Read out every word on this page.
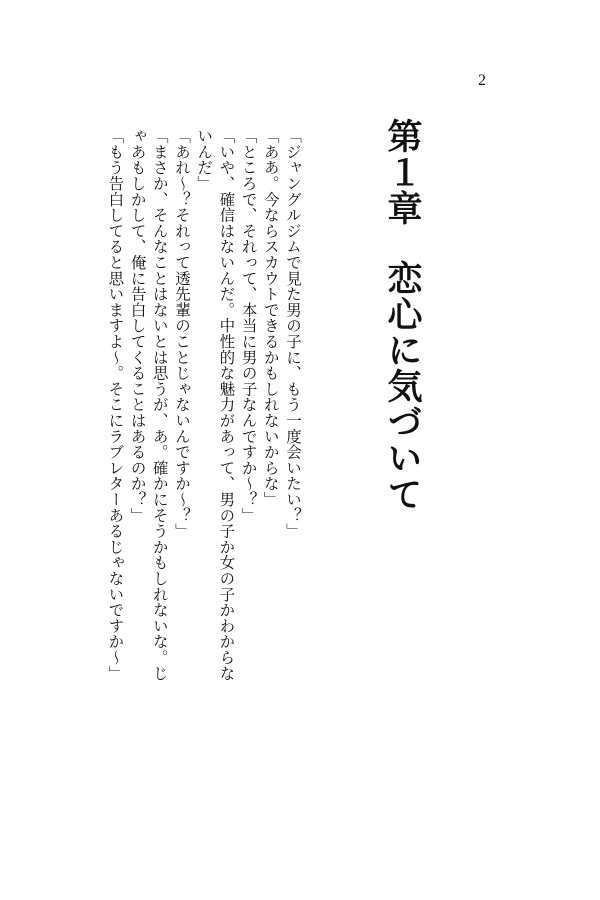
2
第１章恋心に気づいて

「ジャングルジムで見た男の子に、もう一度会いたい？」

「ああ。今ならスカウトできるかもしれないからな」

「ところで、それって、本当に男の子なんですか～？」

「いや、確信はないんだ。中性的な魅力があって、男の子か女の子かわからないんだ」

「あれ～？それって透先輩のことじゃないんですか～？」

「まさか、そんなことはないとは思うが、あ。確かにそうかもしれないな。じゃあもしかして、俺に告白してくることはあるのか？」

「もう告白してると思いますよ～。そこにラブレターあるじゃないですか～」
